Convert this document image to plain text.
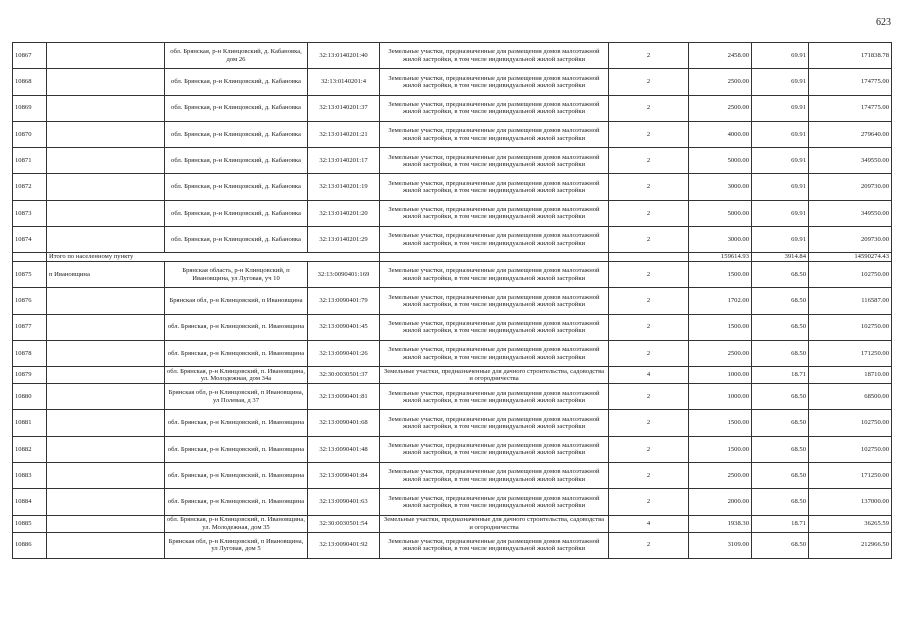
623
10867		обл. Брянская, р-н Клинцовский, д. Кабановка, дом 26	32:13:0140201:40	Земельные участки, предназначенные для размещения домов малоэтажной жилой застройки, в том числе индивидуальной жилой застройки	2	2458.00	69.91	171838.78
10868		обл. Брянская, р-н Клинцовский, д. Кабановка	32:13:0140201:4	Земельные участки, предназначенные для размещения домов малоэтажной жилой застройки, в том числе индивидуальной жилой застройки	2	2500.00	69.91	174775.00
10869		обл. Брянская, р-н Клинцовский, д. Кабановка	32:13:0140201:37	Земельные участки, предназначенные для размещения домов малоэтажной жилой застройки, в том числе индивидуальной жилой застройки	2	2500.00	69.91	174775.00
10870		обл. Брянская, р-н Клинцовский, д. Кабановка	32:13:0140201:21	Земельные участки, предназначенные для размещения домов малоэтажной жилой застройки, в том числе индивидуальной жилой застройки	2	4000.00	69.91	279640.00
10871		обл. Брянская, р-н Клинцовский, д. Кабановка	32:13:0140201:17	Земельные участки, предназначенные для размещения домов малоэтажной жилой застройки, в том числе индивидуальной жилой застройки	2	5000.00	69.91	349550.00
10872		обл. Брянская, р-н Клинцовский, д. Кабановка	32:13:0140201:19	Земельные участки, предназначенные для размещения домов малоэтажной жилой застройки, в том числе индивидуальной жилой застройки	2	3000.00	69.91	209730.00
10873		обл. Брянская, р-н Клинцовский, д. Кабановка	32:13:0140201:20	Земельные участки, предназначенные для размещения домов малоэтажной жилой застройки, в том числе индивидуальной жилой застройки	2	5000.00	69.91	349550.00
10874		обл. Брянская, р-н Клинцовский, д. Кабановка	32:13:0140201:29	Земельные участки, предназначенные для размещения домов малоэтажной жилой застройки, в том числе индивидуальной жилой застройки	2	3000.00	69.91	209730.00
	Итого по населенному пункту					159614.93	3914.84	14590274.43
10875	п Ивановщина	Брянская область, р-н Клинцовский, п Ивановщина, ул Луговая, уч 10	32:13:0090401:169	Земельные участки, предназначенные для размещения домов малоэтажной жилой застройки, в том числе индивидуальной жилой застройки	2	1500.00	68.50	102750.00
10876		Брянская обл, р-н Клинцовский, п Ивановщина	32:13:0090401:79	Земельные участки, предназначенные для размещения домов малоэтажной жилой застройки, в том числе индивидуальной жилой застройки	2	1702.00	68.50	116587.00
10877		обл. Брянская, р-н Клинцовский, п. Ивановщина	32:13:0090401:45	Земельные участки, предназначенные для размещения домов малоэтажной жилой застройки, в том числе индивидуальной жилой застройки	2	1500.00	68.50	102750.00
10878		обл. Брянская, р-н Клинцовский, п. Ивановщина	32:13:0090401:26	Земельные участки, предназначенные для размещения домов малоэтажной жилой застройки, в том числе индивидуальной жилой застройки	2	2500.00	68.50	171250.00
10879		обл. Брянская, р-н Клинцовский, п. Ивановщина, ул. Молодежная, дом 34а	32:30:0030501:37	Земельные участки, предназначенные для дачного строительства, садоводства и огородничества	4	1000.00	18.71	18710.00
10880		Брянская обл, р-н Клинцовский, п Ивановщина, ул Полевая, д 37	32:13:0090401:81	Земельные участки, предназначенные для размещения домов малоэтажной жилой застройки, в том числе индивидуальной жилой застройки	2	1000.00	68.50	68500.00
10881		обл. Брянская, р-н Клинцовский, п. Ивановщина	32:13:0090401:68	Земельные участки, предназначенные для размещения домов малоэтажной жилой застройки, в том числе индивидуальной жилой застройки	2	1500.00	68.50	102750.00
10882		обл. Брянская, р-н Клинцовский, п. Ивановщина	32:13:0090401:48	Земельные участки, предназначенные для размещения домов малоэтажной жилой застройки, в том числе индивидуальной жилой застройки	2	1500.00	68.50	102750.00
10883		обл. Брянская, р-н Клинцовский, п. Ивановщина	32:13:0090401:84	Земельные участки, предназначенные для размещения домов малоэтажной жилой застройки, в том числе индивидуальной жилой застройки	2	2500.00	68.50	171250.00
10884		обл. Брянская, р-н Клинцовский, п. Ивановщина	32:13:0090401:63	Земельные участки, предназначенные для размещения домов малоэтажной жилой застройки, в том числе индивидуальной жилой застройки	2	2000.00	68.50	137000.00
10885		обл. Брянская, р-н Клинцовский, п. Ивановщина, ул. Молодежная, дом 35	32:30:0030501:54	Земельные участки, предназначенные для дачного строительства, садоводства и огородничества	4	1938.30	18.71	36265.59
10886		Брянская обл, р-н Клинцовский, п Ивановщина, ул Луговая, дом 5	32:13:0090401:92	Земельные участки, предназначенные для размещения домов малоэтажной жилой застройки, в том числе индивидуальной жилой застройки	2	3109.00	68.50	212966.50
